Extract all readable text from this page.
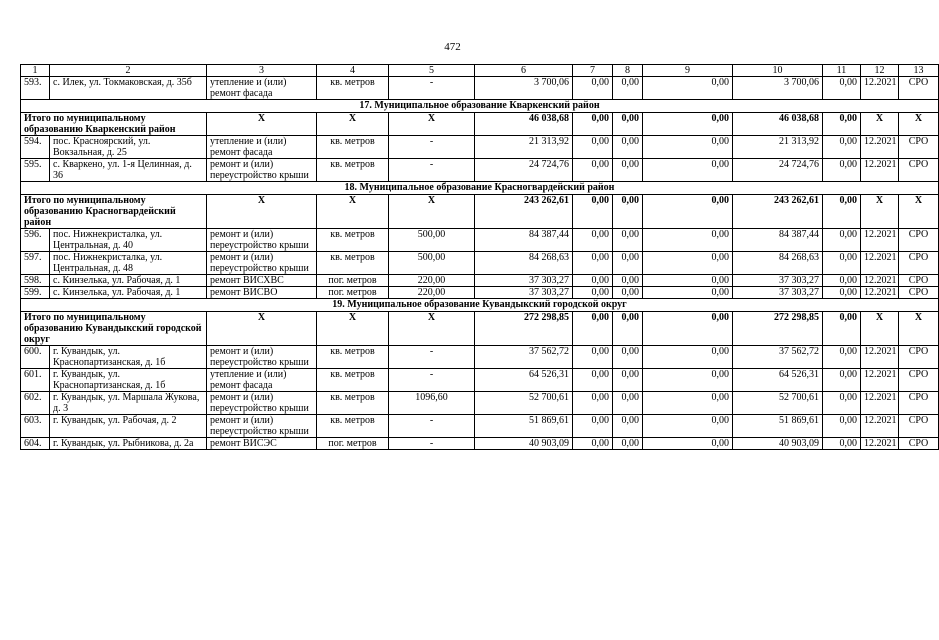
472
1	2	3	4	5	6	7	8	9	10	11	12	13
593.	с. Илек, ул. Токмаковская, д. 35б	утепление и (или) ремонт фасада	кв. метров	-	3 700,06	0,00	0,00	0,00	3 700,06	0,00	12.2021	СРО
17. Муниципальное образование Кваркенский район												
Итого по муниципальному образованию Кваркенский район		X	X	X	46 038,68	0,00	0,00	0,00	46 038,68	0,00	X	X
594.	пос. Красноярский, ул. Вокзальная, д. 25	утепление и (или) ремонт фасада	кв. метров	-	21 313,92	0,00	0,00	0,00	21 313,92	0,00	12.2021	СРО
595.	с. Кваркено, ул. 1-я Целинная, д. 36	ремонт и (или) переустройство крыши	кв. метров	-	24 724,76	0,00	0,00	0,00	24 724,76	0,00	12.2021	СРО
18. Муниципальное образование Красногвардейский район												
Итого по муниципальному образованию Красногвардейский район		X	X	X	243 262,61	0,00	0,00	0,00	243 262,61	0,00	X	X
596.	пос. Нижнекристалка, ул. Центральная, д. 40	ремонт и (или) переустройство крыши	кв. метров	500,00	84 387,44	0,00	0,00	0,00	84 387,44	0,00	12.2021	СРО
597.	пос. Нижнекристалка, ул. Центральная, д. 48	ремонт и (или) переустройство крыши	кв. метров	500,00	84 268,63	0,00	0,00	0,00	84 268,63	0,00	12.2021	СРО
598.	с. Кинзелька, ул. Рабочая, д. 1	ремонт ВИСХВС	пог. метров	220,00	37 303,27	0,00	0,00	0,00	37 303,27	0,00	12.2021	СРО
599.	с. Кинзелька, ул. Рабочая, д. 1	ремонт ВИСВО	пог. метров	220,00	37 303,27	0,00	0,00	0,00	37 303,27	0,00	12.2021	СРО
19. Муниципальное образование Кувандыкский городской округ												
Итого по муниципальному образованию Кувандыкский городской округ		X	X	X	272 298,85	0,00	0,00	0,00	272 298,85	0,00	X	X
600.	г. Кувандык, ул. Краснопартизанская, д. 1б	ремонт и (или) переустройство крыши	кв. метров	-	37 562,72	0,00	0,00	0,00	37 562,72	0,00	12.2021	СРО
601.	г. Кувандык, ул. Краснопартизанская, д. 1б	утепление и (или) ремонт фасада	кв. метров	-	64 526,31	0,00	0,00	0,00	64 526,31	0,00	12.2021	СРО
602.	г. Кувандык, ул. Маршала Жукова, д. 3	ремонт и (или) переустройство крыши	кв. метров	1096,60	52 700,61	0,00	0,00	0,00	52 700,61	0,00	12.2021	СРО
603.	г. Кувандык, ул. Рабочая, д. 2	ремонт и (или) переустройство крыши	кв. метров	-	51 869,61	0,00	0,00	0,00	51 869,61	0,00	12.2021	СРО
604.	г. Кувандык, ул. Рыбникова, д. 2а	ремонт ВИСЭС	пог. метров	-	40 903,09	0,00	0,00	0,00	40 903,09	0,00	12.2021	СРО
